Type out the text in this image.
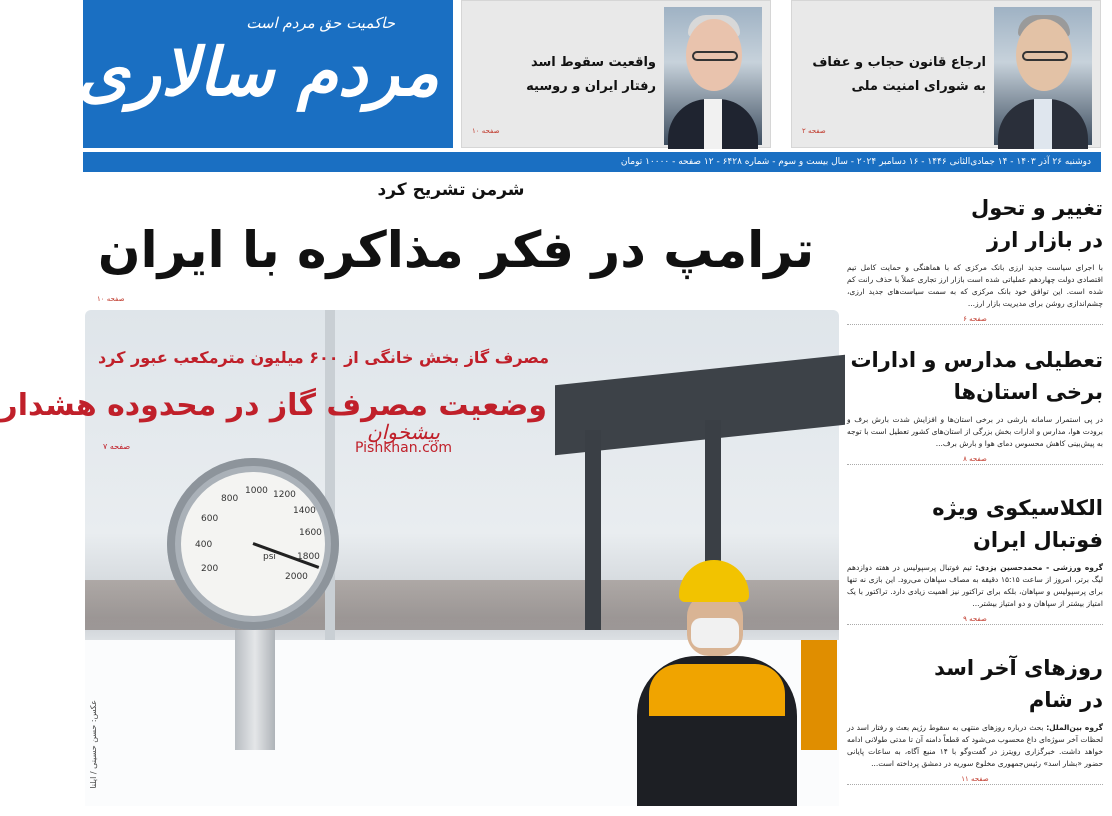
حاکمیت حق مردم است
مردم سالاری	ارجاع قانون حجاب و عفاف
به شورای امنیت ملی
صفحه ۲
واقعیت سقوط اسد
رفتار ایران و روسیه
صفحه ۱۰
دوشنبه ۲۶ آذر ۱۴۰۳ - ۱۴ جمادی‌الثانی ۱۴۴۶ - ۱۶ دسامبر ۲۰۲۴ - سال بیست و سوم - شماره ۶۴۲۸ - ۱۲ صفحه - ۱۰۰۰۰ تومان
شرمن تشریح کرد
ترامپ در فکر مذاکره با ایران
صفحه ۱۰
800
1000 1200
1400
600
1600
400
1800
200
2000
psi
مصرف گاز بخش خانگی از ۶۰۰ میلیون مترمکعب عبور کرد
وضعیت مصرف گاز در محدوده هشدار
صفحه ۷
پیشخوان
Pishkhan.com
عکس: حسن حسینی / ایلنا
تغییر و تحول
در بازار ارز
با اجرای سیاست جدید ارزی بانک مرکزی که با هماهنگی و حمایت کامل تیم اقتصادی دولت چهاردهم عملیاتی شده است بازار ارز تجاری عملاً با حذف رانت کم‌ شده است. این توافق خود بانک مرکزی که به سمت سیاست‌های جدید ارزی، چشم‌اندازی روشن برای مدیریت بازار ارز...
صفحه ۶
تعطیلی مدارس و ادارات
برخی استان‌ها
در پی استمرار سامانه بارشی در برخی استان‌ها و افزایش شدت بارش برف و برودت هوا، مدارس و ادارات بخش بزرگی از استان‌های کشور تعطیل است با توجه به پیش‌بینی کاهش محسوس دمای هوا و بارش برف...
صفحه ۸
الکلاسیکوی ویژه
فوتبال ایران
گروه ورزشی - محمدحسین یزدی: تیم فوتبال پرسپولیس در هفته دوازدهم لیگ برتر، امروز از ساعت ۱۵:۱۵ دقیقه به مصاف سپاهان می‌رود. این بازی نه تنها برای پرسپولیس و سپاهان، بلکه برای تراکتور نیز اهمیت زیادی دارد. تراکتور با یک امتیاز بیشتر از سپاهان و دو امتیاز بیشتر...
صفحه ۹
روزهای آخر اسد
در شام
گروه بین‌الملل: بحث درباره روزهای منتهی به سقوط رژیم بعث و رفتار اسد در لحظات آخر سوژه‌ای داغ محسوب می‌شود که قطعاً دامنه آن تا مدتی طولانی ادامه خواهد داشت. خبرگزاری رویترز در گفت‌وگو با ۱۴ منبع آگاه، به ساعات پایانی حضور «بشار اسد» رئیس‌جمهوری مخلوع سوریه در دمشق پرداخته است...
صفحه ۱۱
